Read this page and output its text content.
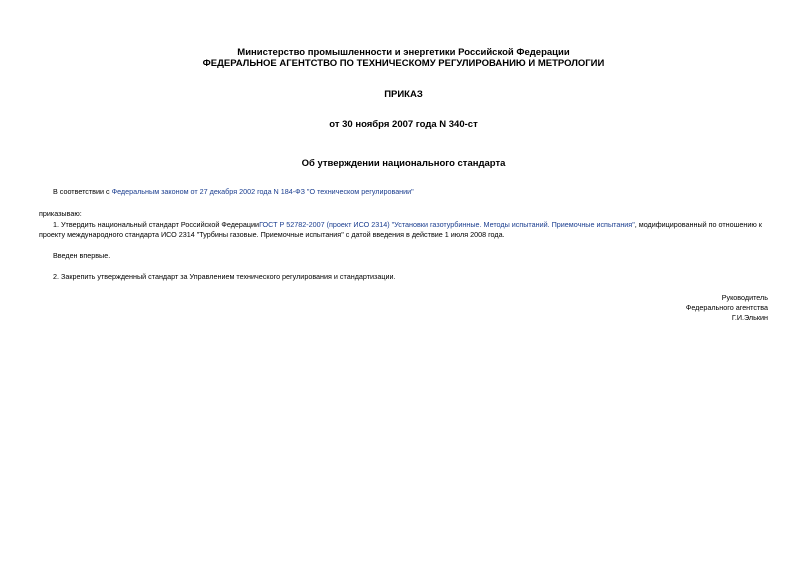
Министерство промышленности и энергетики Российской Федерации
ФЕДЕРАЛЬНОЕ АГЕНТСТВО ПО ТЕХНИЧЕСКОМУ РЕГУЛИРОВАНИЮ И МЕТРОЛОГИИ
ПРИКАЗ
от 30 ноября 2007 года N 340-ст
Об утверждении национального стандарта
В соответствии с Федеральным законом от 27 декабря 2002 года N 184-ФЗ "О техническом регулировании"
приказываю:
1. Утвердить национальный стандарт Российской ФедерацииГОСТ Р 52782-2007 (проект ИСО 2314) "Установки газотурбинные. Методы испытаний. Приемочные испытания", модифицированный по отношению к
проекту международного стандарта ИСО 2314 "Турбины газовые. Приемочные испытания" с датой введения в действие 1 июля 2008 года.
Введен впервые.
2. Закрепить утвержденный стандарт за Управлением технического регулирования и стандартизации.
Руководитель
Федерального агентства
Г.И.Элькин
